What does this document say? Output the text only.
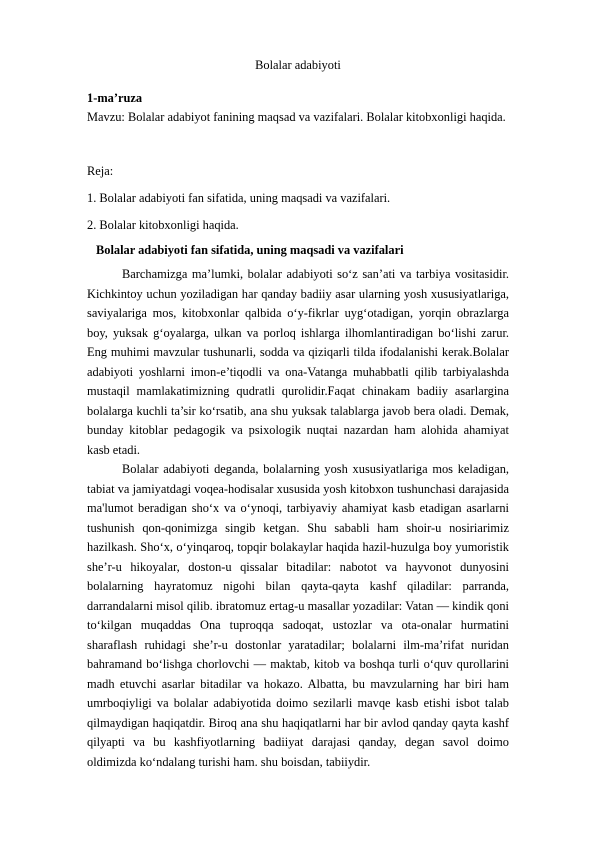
Bolalar adabiyoti
1-ma’ruza

Mavzu: Bolalar adabiyot fanining maqsad va vazifalari. Bolalar kitobxonligi haqida.

Reja:
1. Bolalar adabiyoti fan sifatida, uning maqsadi va vazifalari.
2. Bolalar kitobxonligi haqida.
Bolalar adabiyoti fan sifatida, uning maqsadi va vazifalari

Barchamizga ma’lumki, bolalar adabiyoti so‘z san’ati va tarbiya vositasidir. Kichkintoy uchun yoziladigan har qanday badiiy asar ularning yosh xususiyatlariga, saviyalariga mos, kitobxonlar qalbida o‘y-fikrlar uyg‘otadigan, yorqin obrazlarga boy, yuksak g‘oyalarga, ulkan va porloq ishlarga ilhomlantiradigan bo‘lishi zarur. Eng muhimi mavzular tushunarli, sodda va qiziqarli tilda ifodalanishi kerak.Bolalar adabiyoti yoshlarni imon-e’tiqodli va ona-Vatanga muhabbatli qilib tarbiyalashda mustaqil mamlakatimizning qudratli qurolidir.Faqat chinakam badiiy asarlargina bolalarga kuchli ta’sir ko‘rsatib, ana shu yuksak talablarga javob bera oladi. Demak, bunday kitoblar pedagogik va psixologik nuqtai nazardan ham alohida ahamiyat kasb etadi.

Bolalar adabiyoti deganda, bolalarning yosh xususiyatlariga mos keladigan, tabiat va jamiyatdagi voqea-hodisalar xususida yosh kitobxon tushunchasi darajasida ma'lumot beradigan sho‘x va o‘ynoqi, tarbiyaviy ahamiyat kasb etadigan asarlarni tushunish qon-qonimizga singib ketgan. Shu sababli ham shoir-u nosiriarimiz hazilkash. Sho‘x, o‘yinqaroq, topqir bolakaylar haqida hazil-huzulga boy yumoristik she’r-u hikoyalar, doston-u qissalar bitadilar: nabotot va hayvonot dunyosini bolalarning hayratomuz nigohi bilan qayta-qayta kashf qiladilar: parranda, darrandalarni misol qilib. ibratomuz ertag-u masallar yozadilar: Vatan — kindik qoni to‘kilgan muqaddas Ona tuproqqa sadoqat, ustozlar va ota-onalar hurmatini sharaflash ruhidagi she’r-u dostonlar yaratadilar; bolalarni ilm-ma’rifat nuridan bahramand bo‘lishga chorlovchi — maktab, kitob va boshqa turli o‘quv qurollarini madh etuvchi asarlar bitadilar va hokazo. Albatta, bu mavzularning har biri ham umrboqiyligi va bolalar adabiyotida doimo sezilarli mavqe kasb etishi isbot talab qilmaydigan haqiqatdir. Biroq ana shu haqiqatlarni har bir avlod qanday qayta kashf qilyapti va bu kashfiyotlarning badiiyat darajasi qanday, degan savol doimo oldimizda ko‘ndalang turishi ham. shu boisdan, tabiiydir.
